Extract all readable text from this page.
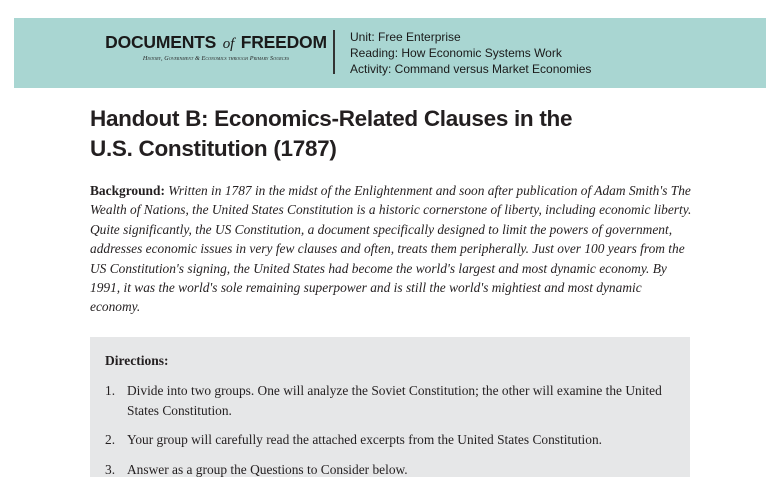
DOCUMENTS of FREEDOM
History, Government & Economics through Primary Sources
Unit: Free Enterprise
Reading: How Economic Systems Work
Activity: Command versus Market Economies
Handout B: Economics-Related Clauses in the
U.S. Constitution (1787)

Background: Written in 1787 in the midst of the Enlightenment and soon after publication of Adam Smith's The Wealth of Nations, the United States Constitution is a historic cornerstone of liberty, including economic liberty. Quite significantly, the US Constitution, a document specifically designed to limit the powers of government, addresses economic issues in very few clauses and often, treats them peripherally. Just over 100 years from the US Constitution's signing, the United States had become the world's largest and most dynamic economy. By 1991, it was the world's sole remaining superpower and is still the world's mightiest and most dynamic economy.

Directions:
1. Divide into two groups. One will analyze the Soviet Constitution; the other will examine the United States Constitution.
2. Your group will carefully read the attached excerpts from the United States Constitution.
3. Answer as a group the Questions to Consider below.
